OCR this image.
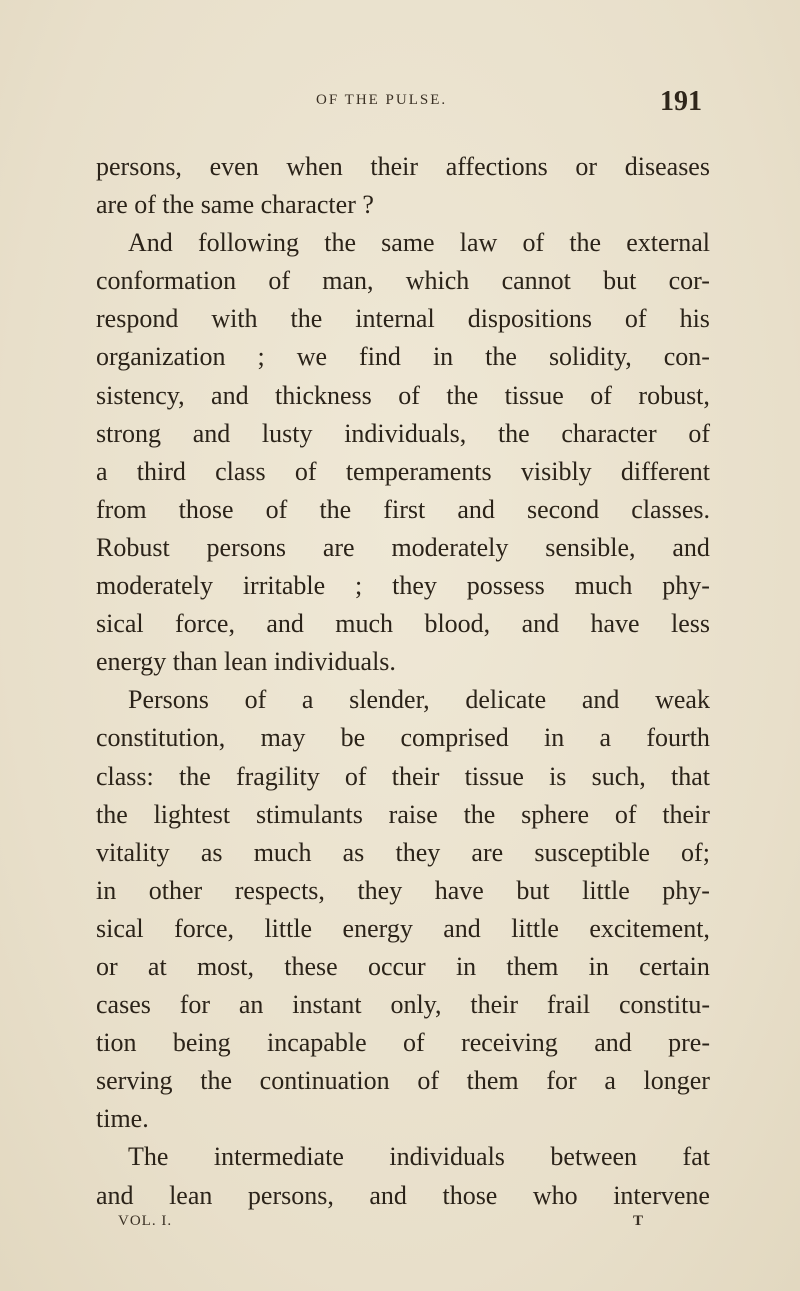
OF THE PULSE.	191
persons, even when their affections or diseases
are of the same character ?
And following the same law of the external
conformation of man, which cannot but cor-
respond with the internal dispositions of his
organization ; we find in the solidity, con-
sistency, and thickness of the tissue of robust,
strong and lusty individuals, the character of
a third class of temperaments visibly different
from those of the first and second classes.
Robust persons are moderately sensible, and
moderately irritable ; they possess much phy-
sical force, and much blood, and have less
energy than lean individuals.
Persons of a slender, delicate and weak
constitution, may be comprised in a fourth
class: the fragility of their tissue is such, that
the lightest stimulants raise the sphere of their
vitality as much as they are susceptible of;
in other respects, they have but little phy-
sical force, little energy and little excitement,
or at most, these occur in them in certain
cases for an instant only, their frail constitu-
tion being incapable of receiving and pre-
serving the continuation of them for a longer
time.
The intermediate individuals between fat
and lean persons, and those who intervene
VOL. I.	T
